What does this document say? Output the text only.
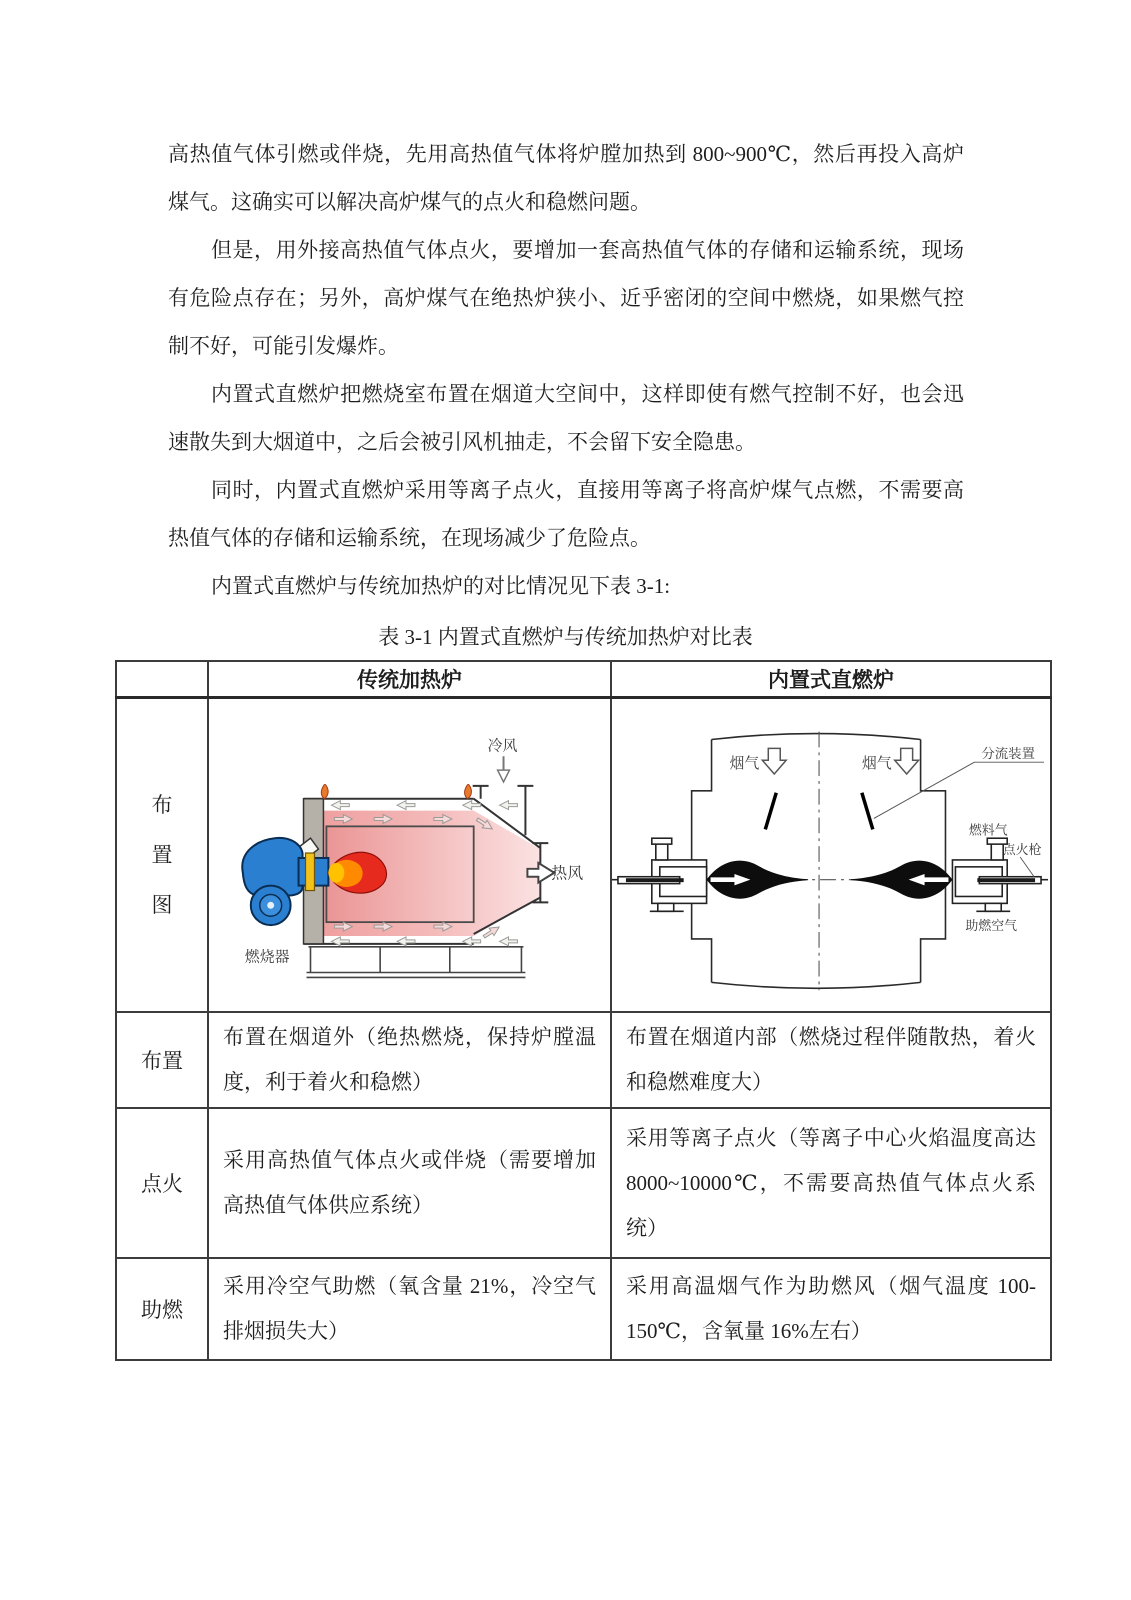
高热值气体引燃或伴烧，先用高热值气体将炉膛加热到 800~900℃，然后再投入高炉煤气。这确实可以解决高炉煤气的点火和稳燃问题。

但是，用外接高热值气体点火，要增加一套高热值气体的存储和运输系统，现场有危险点存在；另外，高炉煤气在绝热炉狭小、近乎密闭的空间中燃烧，如果燃气控制不好，可能引发爆炸。

内置式直燃炉把燃烧室布置在烟道大空间中，这样即使有燃气控制不好，也会迅速散失到大烟道中，之后会被引风机抽走，不会留下安全隐患。

同时，内置式直燃炉采用等离子点火，直接用等离子将高炉煤气点燃，不需要高热值气体的存储和运输系统，在现场减少了危险点。

内置式直燃炉与传统加热炉的对比情况见下表 3-1:

表 3-1 内置式直燃炉与传统加热炉对比表
	传统加热炉	内置式直燃炉
布置图	
冷风
热风
燃烧器

烟气	烟气
分流装置
燃料气
点火枪
助燃空气

布置	布置在烟道外（绝热燃烧，保持炉膛温度，利于着火和稳燃）	布置在烟道内部（燃烧过程伴随散热，着火和稳燃难度大）
点火	采用高热值气体点火或伴烧（需要增加高热值气体供应系统）	采用等离子点火（等离子中心火焰温度高达 8000~10000℃，不需要高热值气体点火系统）
助燃	采用冷空气助燃（氧含量 21%，冷空气排烟损失大）	采用高温烟气作为助燃风（烟气温度 100-150℃，含氧量 16%左右）
